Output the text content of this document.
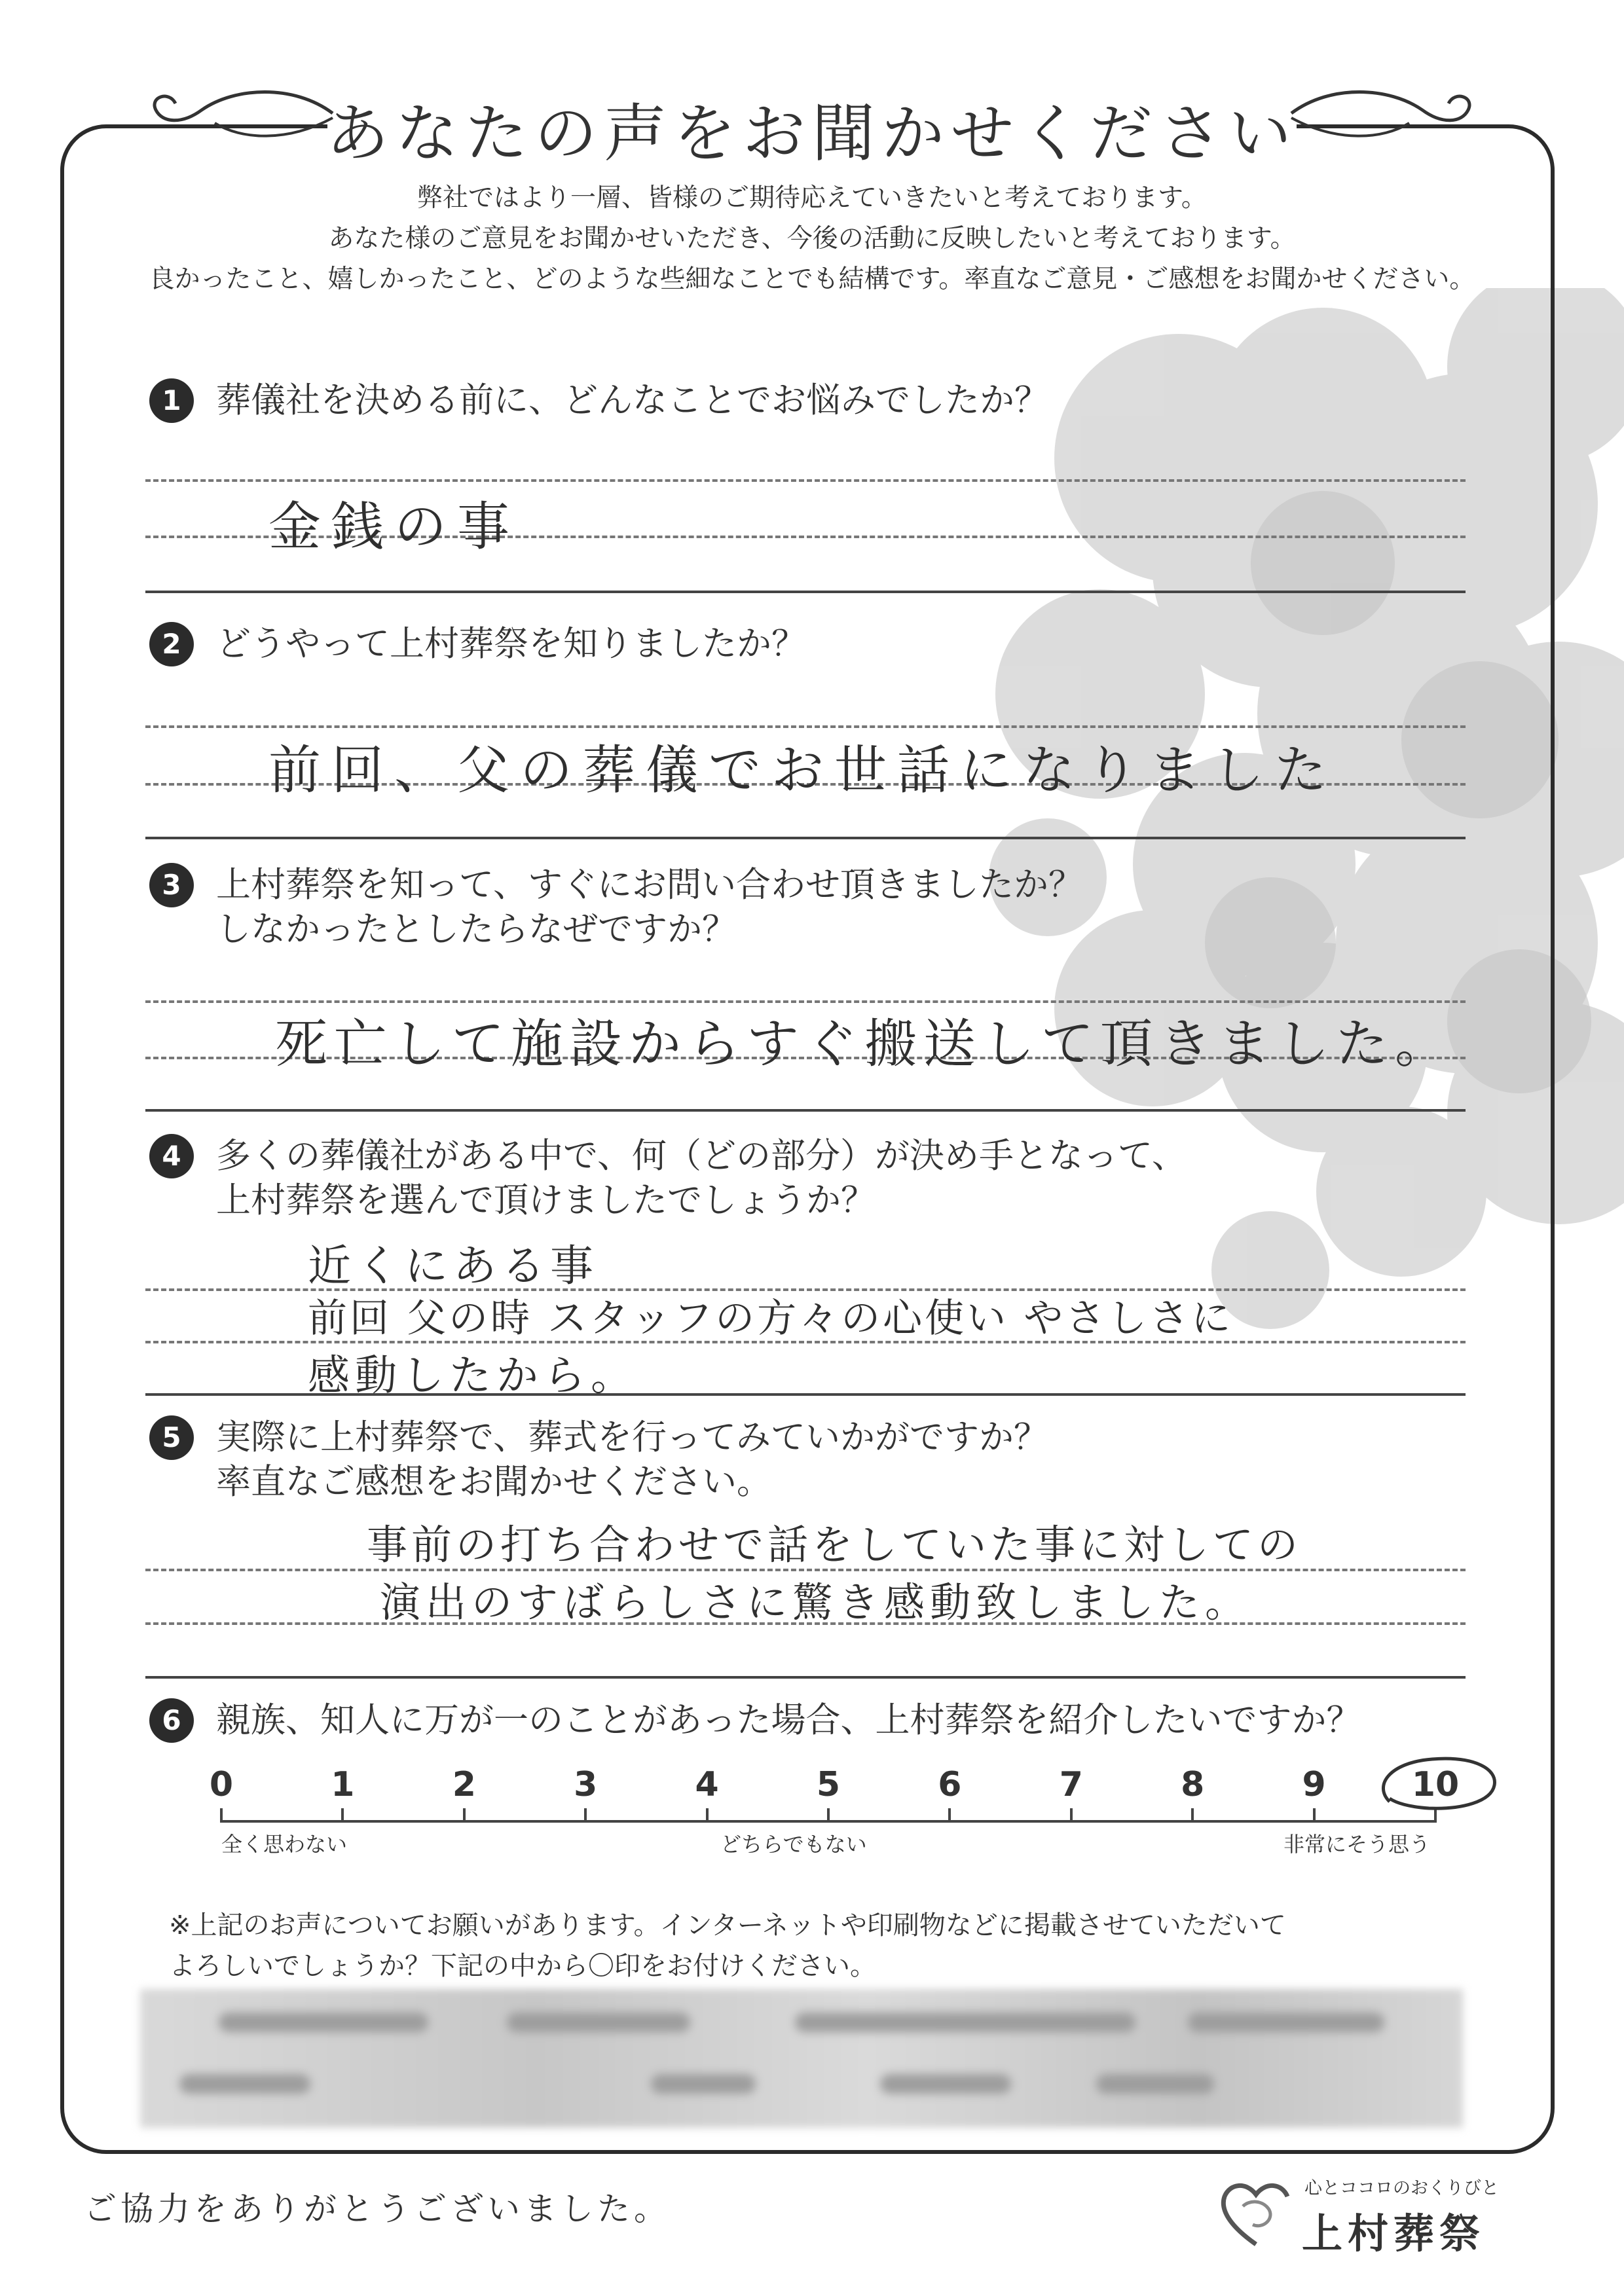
あなたの声をお聞かせください
弊社ではより一層、皆様のご期待応えていきたいと考えております。
あなた様のご意見をお聞かせいただき、今後の活動に反映したいと考えております。
良かったこと、嬉しかったこと、どのような些細なことでも結構です。率直なご意見・ご感想をお聞かせください。
1	葬儀社を決める前に、どんなことでお悩みでしたか？
金銭の事
2	どうやって上村葬祭を知りましたか？
前回、父の葬儀でお世話になりました
3	上村葬祭を知って、すぐにお問い合わせ頂きましたか？
しなかったとしたらなぜですか？
死亡して施設からすぐ搬送して頂きました。
4	多くの葬儀社がある中で、何（どの部分）が決め手となって、
上村葬祭を選んで頂けましたでしょうか？
近くにある事
前回 父の時 スタッフの方々の心使い やさしさに
感動したから。
5	実際に上村葬祭で、葬式を行ってみていかがですか？
率直なご感想をお聞かせください。
事前の打ち合わせで話をしていた事に対しての
演出のすばらしさに驚き感動致しました。
6	親族、知人に万が一のことがあった場合、上村葬祭を紹介したいですか？
0	1	2	3	4	5	6	7	8	9	10
全く思わない	どちらでもない	非常にそう思う
※上記のお声についてお願いがあります。インターネットや印刷物などに掲載させていただいて
よろしいでしょうか？下記の中から〇印をお付けください。
ご協力をありがとうございました。
心とココロのおくりびと
上村葬祭
